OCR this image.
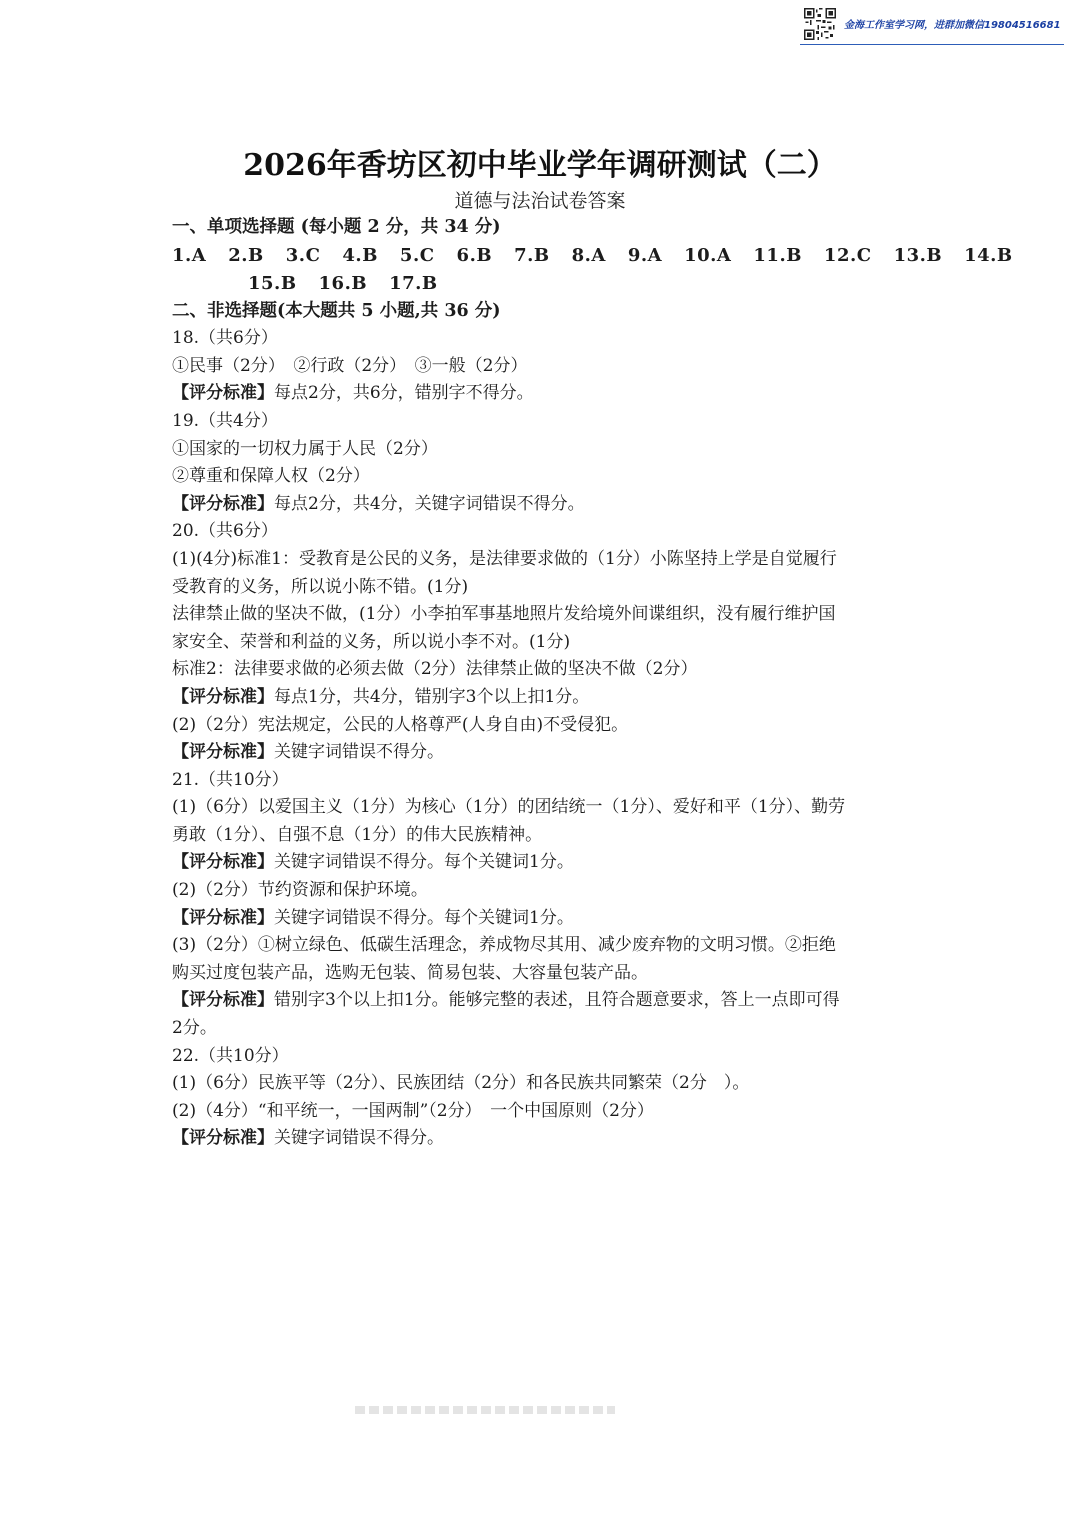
金海工作室学习网，进群加微信19804516681
2026年香坊区初中毕业学年调研测试（二）
道德与法治试卷答案
一、单项选择题 (每小题 2 分，共 34 分)
1.A 2.B 3.C 4.B 5.C 6.B 7.B 8.A 9.A 10.A 11.B 12.C 13.B 14.B
15.B 16.B 17.B
二、非选择题(本大题共 5 小题,共 36 分)
18.（共6分）
①民事（2分）　②行政（2分）　③一般（2分）
【评分标准】每点2分，共6分，错别字不得分。
19.（共4分）
①国家的一切权力属于人民（2分）
②尊重和保障人权（2分）
【评分标准】每点2分，共4分，关键字词错误不得分。
20.（共6分）
(1)(4分)标准1：受教育是公民的义务，是法律要求做的（1分）小陈坚持上学是自觉履行
受教育的义务，所以说小陈不错。(1分)
法律禁止做的坚决不做，(1分）小李拍军事基地照片发给境外间谍组织，没有履行维护国
家安全、荣誉和利益的义务，所以说小李不对。(1分)
标准2：法律要求做的必须去做（2分）法律禁止做的坚决不做（2分）
【评分标准】每点1分，共4分，错别字3个以上扣1分。
(2)（2分）宪法规定，公民的人格尊严(人身自由)不受侵犯。
【评分标准】关键字词错误不得分。
21.（共10分）
(1)（6分）以爱国主义（1分）为核心（1分）的团结统一（1分）、爱好和平（1分）、勤劳
勇敢（1分）、自强不息（1分）的伟大民族精神。
【评分标准】关键字词错误不得分。每个关键词1分。
(2)（2分）节约资源和保护环境。
【评分标准】关键字词错误不得分。每个关键词1分。
(3)（2分）①树立绿色、低碳生活理念，养成物尽其用、减少废弃物的文明习惯。②拒绝
购买过度包装产品，选购无包装、简易包装、大容量包装产品。
【评分标准】错别字3个以上扣1分。能够完整的表述，且符合题意要求，答上一点即可得
2分。
22.（共10分）
(1)（6分）民族平等（2分）、民族团结（2分）和各民族共同繁荣（2分　）。
(2)（4分）“和平统一，一国两制”（2分）　一个中国原则（2分）
【评分标准】关键字词错误不得分。
